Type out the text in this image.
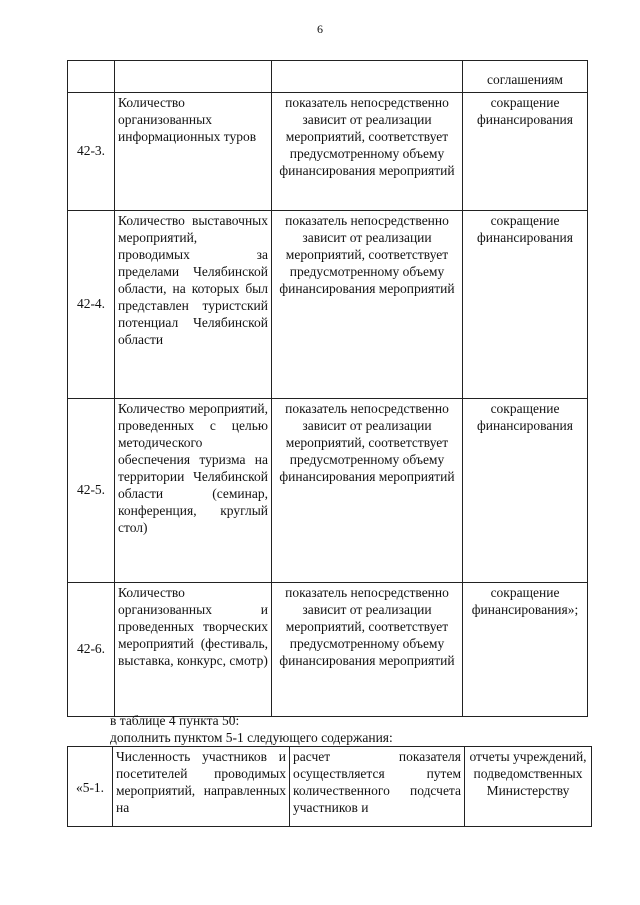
6
			соглашениям
42-3.	Количество организованных информационных туров	показатель непосредственно зависит от реализации мероприятий, соответствует предусмотренному объему финансирования мероприятий	сокращение финансирования
42-4.	Количество выставочных мероприятий, проводимых за пределами Челябинской области, на которых был представлен туристский потенциал Челябинской области	показатель непосредственно зависит от реализации мероприятий, соответствует предусмотренному объему финансирования мероприятий	сокращение финансирования
42-5.	Количество мероприятий, проведенных с целью методического обеспечения туризма на территории Челябинской области (семинар, конференция, круглый стол)	показатель непосредственно зависит от реализации мероприятий, соответствует предусмотренному объему финансирования мероприятий	сокращение финансирования
42-6.	Количество организованных и проведенных творческих мероприятий (фестиваль, выставка, конкурс, смотр)	показатель непосредственно зависит от реализации мероприятий, соответствует предусмотренному объему финансирования мероприятий	сокращение финансирования»;
в таблице 4 пункта 50:
дополнить пунктом 5-1 следующего содержания:
«5-1.	Численность участников и посетителей проводимых мероприятий, направленных на	расчет показателя осуществляется путем количественного подсчета участников и	отчеты учреждений, подведомственных Министерству
